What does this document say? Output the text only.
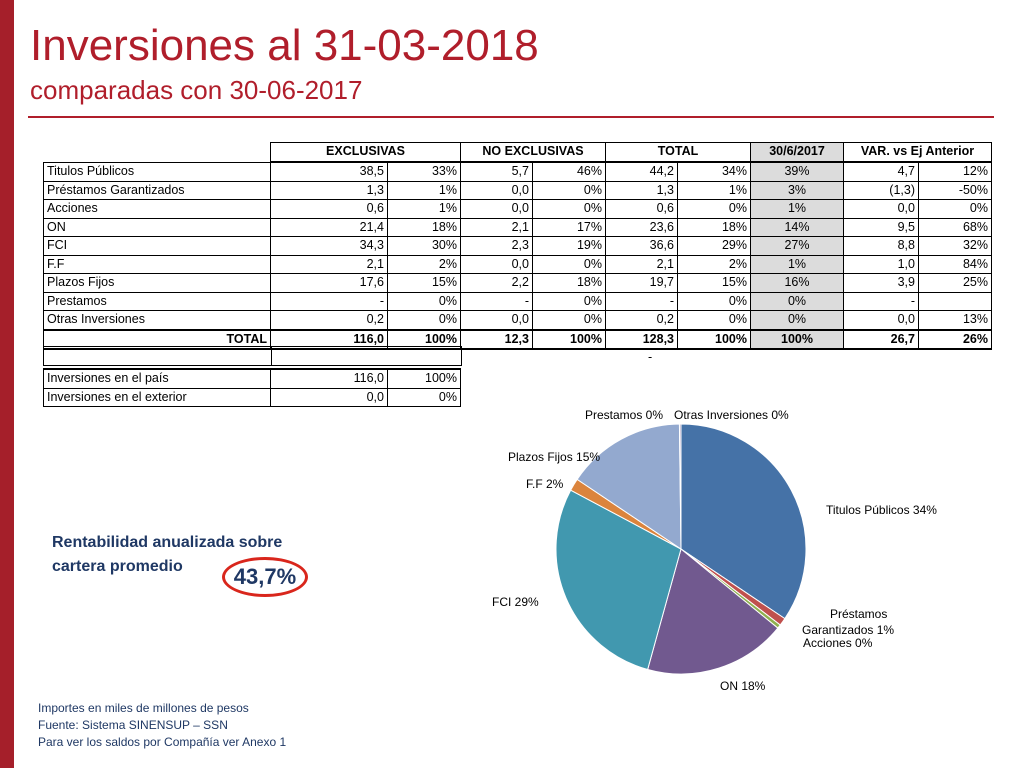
Inversiones al 31-03-2018
comparadas con 30-06-2017
EXCLUSIVAS	NO EXCLUSIVAS	TOTAL	30/6/2017	VAR. vs Ej Anterior
Titulos Públicos	38,5	33%	5,7	46%	44,2	34%	39%	4,7	12%
Préstamos Garantizados	1,3	1%	0,0	0%	1,3	1%	3%	(1,3)	-50%
Acciones	0,6	1%	0,0	0%	0,6	0%	1%	0,0	0%
ON	21,4	18%	2,1	17%	23,6	18%	14%	9,5	68%
FCI	34,3	30%	2,3	19%	36,6	29%	27%	8,8	32%
F.F	2,1	2%	0,0	0%	2,1	2%	1%	1,0	84%
Plazos Fijos	17,6	15%	2,2	18%	19,7	15%	16%	3,9	25%
Prestamos	-	0%	-	0%	-	0%	0%	-	
Otras Inversiones	0,2	0%	0,0	0%	0,2	0%	0%	0,0	13%
TOTAL	116,0	100%	12,3	100%	128,3	100%	100%	26,7	26%
-
Inversiones en el país	116,0	100%
Inversiones en el exterior	0,0	0%
Titulos Públicos 34%
Préstamos Garantizados 1%
Acciones 0%
ON 18%
FCI 29%
F.F 2%
Plazos Fijos 15%
Prestamos 0% Otras Inversiones 0%
Rentabilidad anualizada sobre
cartera promedio	43,7%
Importes en miles de millones de pesos
Fuente: Sistema SINENSUP – SSN
Para ver los saldos por Compañía ver Anexo 1
